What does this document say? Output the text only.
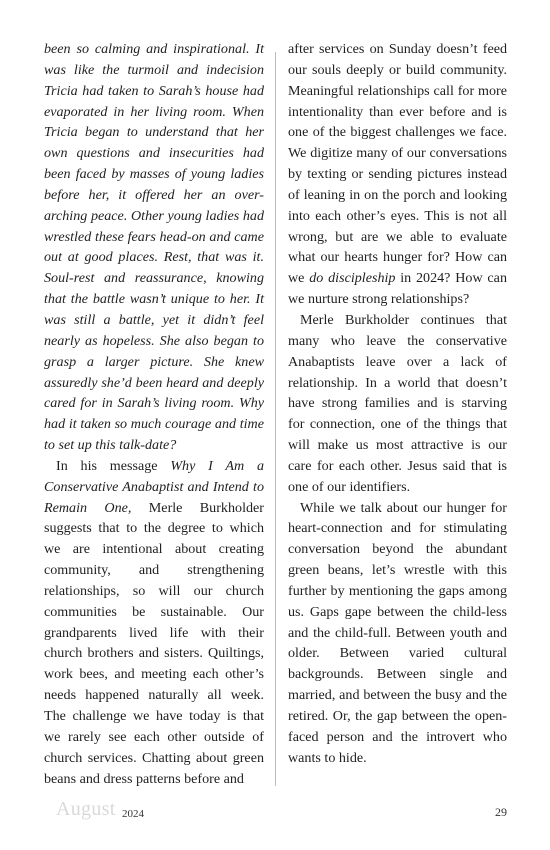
been so calming and inspirational. It was like the turmoil and indecision Tricia had taken to Sarah’s house had evaporated in her living room. When Tricia began to understand that her own questions and insecurities had been faced by masses of young ladies before her, it offered her an over-arching peace. Other young ladies had wrestled these fears head-on and came out at good places. Rest, that was it. Soul-rest and reassurance, knowing that the battle wasn’t unique to her. It was still a battle, yet it didn’t feel nearly as hopeless. She also began to grasp a larger picture. She knew assuredly she’d been heard and deeply cared for in Sarah’s living room. Why had it taken so much courage and time to set up this talk-date?

In his message Why I Am a Conservative Anabaptist and Intend to Remain One, Merle Burkholder suggests that to the degree to which we are intentional about creating community, and strengthening relationships, so will our church communities be sustainable. Our grandparents lived life with their church brothers and sisters. Quiltings, work bees, and meeting each other’s needs happened naturally all week. The challenge we have today is that we rarely see each other outside of church services. Chatting about green beans and dress patterns before and

after services on Sunday doesn’t feed our souls deeply or build community. Meaningful relationships call for more intentionality than ever before and is one of the biggest challenges we face. We digitize many of our conversations by texting or sending pictures instead of leaning in on the porch and looking into each other’s eyes. This is not all wrong, but are we able to evaluate what our hearts hunger for? How can we do discipleship in 2024? How can we nurture strong relationships?

Merle Burkholder continues that many who leave the conservative Anabaptists leave over a lack of relationship. In a world that doesn’t have strong families and is starving for connection, one of the things that will make us most attractive is our care for each other. Jesus said that is one of our identifiers.

While we talk about our hunger for heart-connection and for stimulating conversation beyond the abundant green beans, let’s wrestle with this further by mentioning the gaps among us. Gaps gape between the child-less and the child-full. Between youth and older. Between varied cultural backgrounds. Between single and married, and between the busy and the retired. Or, the gap between the open-faced person and the introvert who wants to hide.

August 2024	29
